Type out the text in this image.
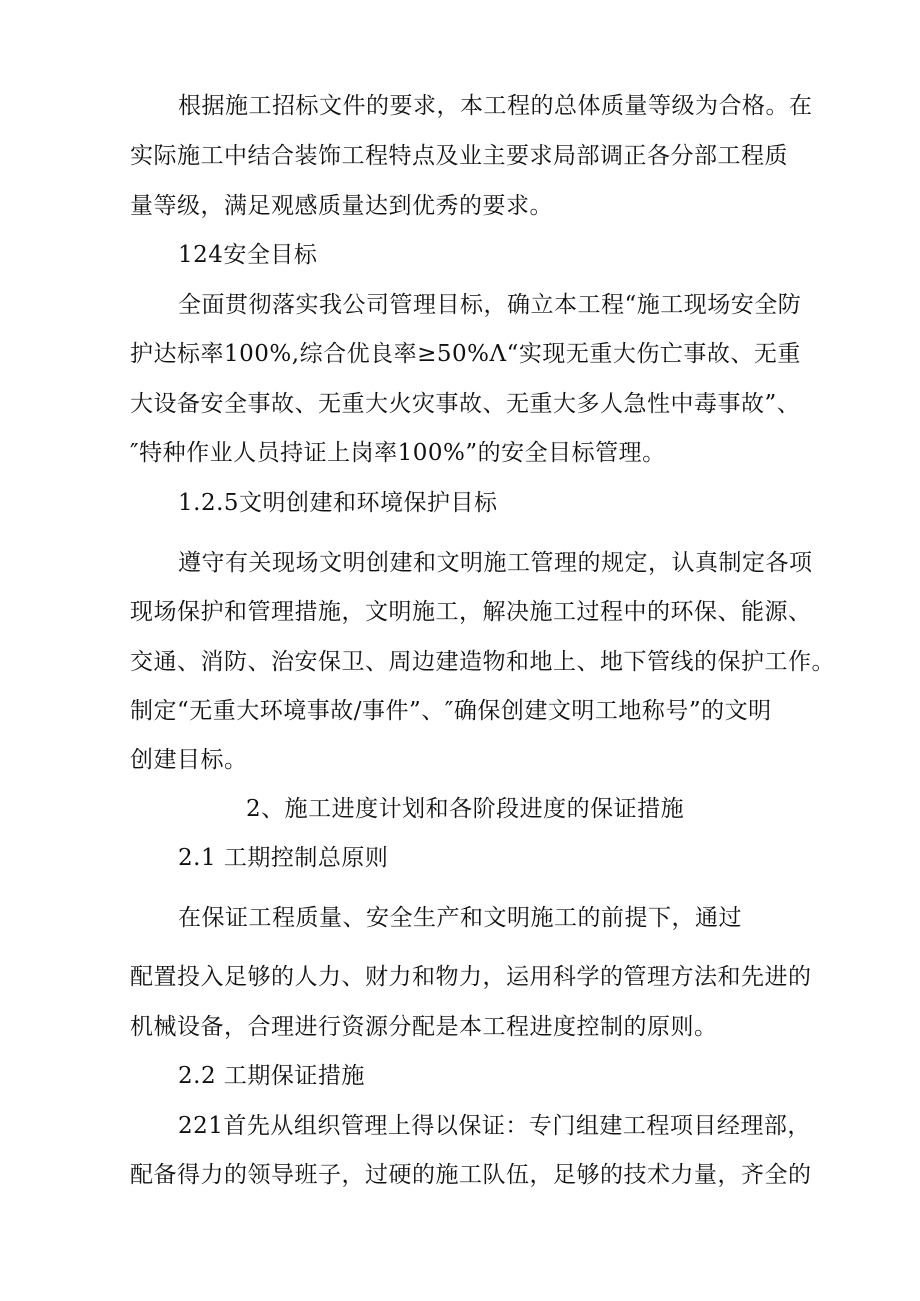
根据施工招标文件的要求，本工程的总体质量等级为合格。在
实际施工中结合装饰工程特点及业主要求局部调正各分部工程质
量等级，满足观感质量达到优秀的要求。
124安全目标
全面贯彻落实我公司管理目标，确立本工程“施工现场安全防
护达标率100%,综合优良率≥50%Λ“实现无重大伤亡事故、无重
大设备安全事故、无重大火灾事故、无重大多人急性中毒事故”、
″特种作业人员持证上岗率100%”的安全目标管理。
1.2.5文明创建和环境保护目标
遵守有关现场文明创建和文明施工管理的规定，认真制定各项
现场保护和管理措施，文明施工，解决施工过程中的环保、能源、
交通、消防、治安保卫、周边建造物和地上、地下管线的保护工作。
制定“无重大环境事故/事件”、″确保创建文明工地称号”的文明
创建目标。
2、施工进度计划和各阶段进度的保证措施
2.1 工期控制总原则
在保证工程质量、安全生产和文明施工的前提下，通过
配置投入足够的人力、财力和物力，运用科学的管理方法和先进的
机械设备，合理进行资源分配是本工程进度控制的原则。
2.2 工期保证措施
221首先从组织管理上得以保证：专门组建工程项目经理部，
配备得力的领导班子，过硬的施工队伍，足够的技术力量，齐全的
